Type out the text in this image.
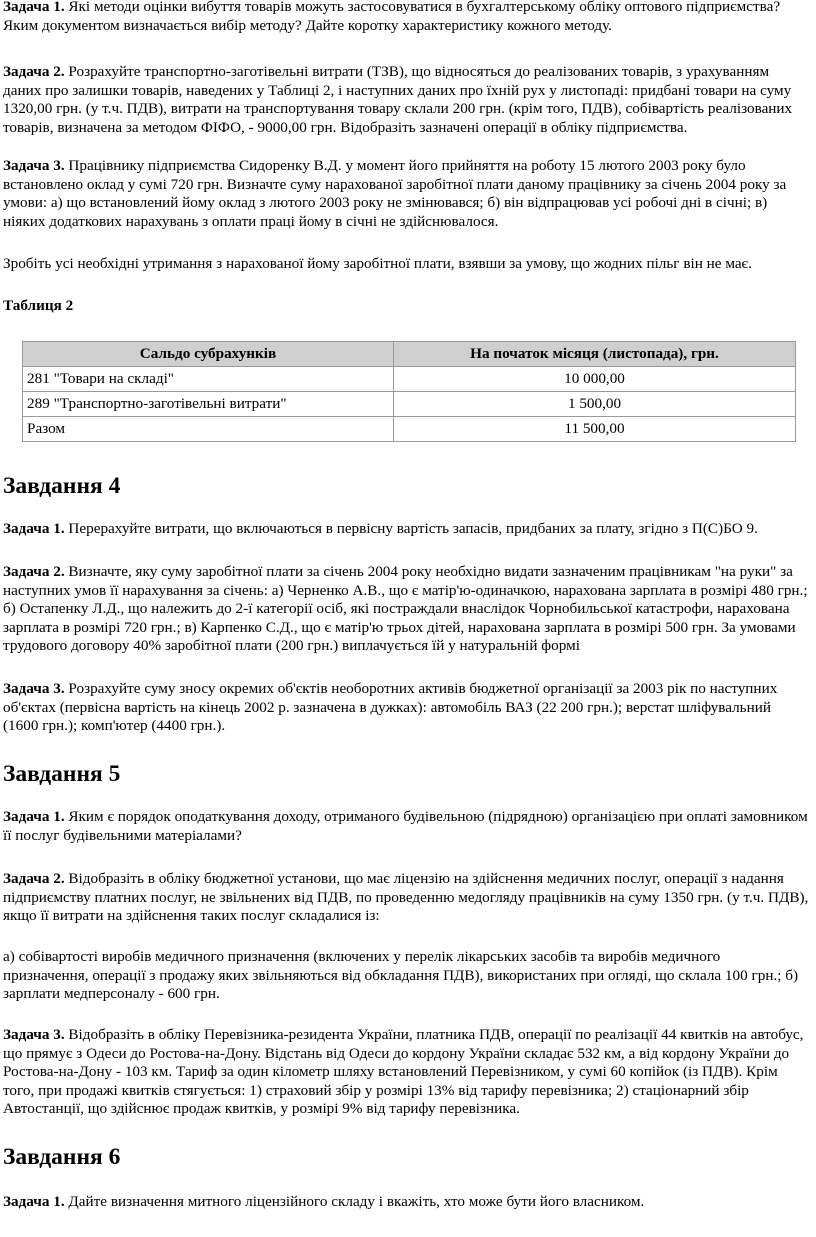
Задача 1. Які методи оцінки вибуття товарів можуть застосовуватися в бухгалтерському обліку оптового підприємства? Яким документом визначається вибір методу? Дайте коротку характеристику кожного методу.

Задача 2. Розрахуйте транспортно-заготівельні витрати (ТЗВ), що відносяться до реалізованих товарів, з урахуванням даних про залишки товарів, наведених у Таблиці 2, і наступних даних про їхній рух у листопаді: придбані товари на суму 1320,00 грн. (у т.ч. ПДВ), витрати на транспортування товару склали 200 грн. (крім того, ПДВ), собівартість реалізованих товарів, визначена за методом ФІФО, - 9000,00 грн. Відобразіть зазначені операції в обліку підприємства.

Задача 3. Працівнику підприємства Сидоренку В.Д. у момент його прийняття на роботу 15 лютого 2003 року було встановлено оклад у сумі 720 грн. Визначте суму нарахованої заробітної плати даному працівнику за січень 2004 року за умови: а) що встановлений йому оклад з лютого 2003 року не змінювався; б) він відпрацював усі робочі дні в січні; в) ніяких додаткових нарахувань з оплати праці йому в січні не здійснювалося.

Зробіть усі необхідні утримання з нарахованої йому заробітної плати, взявши за умову, що жодних пільг він не має.

Таблиця 2

Сальдо субрахунків	На початок місяця (листопада), грн.
281 "Товари на складі"	10 000,00
289 "Транспортно-заготівельні витрати"	1 500,00
Разом	11 500,00
Завдання 4

Задача 1. Перерахуйте витрати, що включаються в первісну вартість запасів, придбаних за плату, згідно з П(С)БО 9.

Задача 2. Визначте, яку суму заробітної плати за січень 2004 року необхідно видати зазначеним працівникам "на руки" за наступних умов її нарахування за січень: а) Черненко А.В., що є матір'ю-одиначкою, нарахована зарплата в розмірі 480 грн.; б) Остапенку Л.Д., що належить до 2-ї категорії осіб, які постраждали внаслідок Чорнобильської катастрофи, нарахована зарплата в розмірі 720 грн.; в) Карпенко С.Д., що є матір'ю трьох дітей, нарахована зарплата в розмірі 500 грн. За умовами трудового договору 40% заробітної плати (200 грн.) виплачується їй у натуральній формі

Задача 3. Розрахуйте суму зносу окремих об'єктів необоротних активів бюджетної організації за 2003 рік по наступних об'єктах (первісна вартість на кінець 2002 р. зазначена в дужках): автомобіль ВАЗ (22 200 грн.); верстат шліфувальний (1600 грн.); комп'ютер (4400 грн.).

Завдання 5

Задача 1. Яким є порядок оподаткування доходу, отриманого будівельною (підрядною) організацією при оплаті замовником її послуг будівельними матеріалами?

Задача 2. Відобразіть в обліку бюджетної установи, що має ліцензію на здійснення медичних послуг, операції з надання підприємству платних послуг, не звільнених від ПДВ, по проведенню медогляду працівників на суму 1350 грн. (у т.ч. ПДВ), якщо її витрати на здійснення таких послуг складалися із:

а) собівартості виробів медичного призначення (включених у перелік лікарських засобів та виробів медичного призначення, операції з продажу яких звільняються від обкладання ПДВ), використаних при огляді, що склала 100 грн.; б) зарплати медперсоналу - 600 грн.

Задача 3. Відобразіть в обліку Перевізника-резидента України, платника ПДВ, операції по реалізації 44 квитків на автобус, що прямує з Одеси до Ростова-на-Дону. Відстань від Одеси до кордону України складає 532 км, а від кордону України до Ростова-на-Дону - 103 км. Тариф за один кілометр шляху встановлений Перевізником, у сумі 60 копійок (із ПДВ). Крім того, при продажі квитків стягується: 1) страховий збір у розмірі 13% від тарифу перевізника; 2) стаціонарний збір Автостанції, що здійснює продаж квитків, у розмірі 9% від тарифу перевізника.

Завдання 6

Задача 1. Дайте визначення митного ліцензійного складу і вкажіть, хто може бути його власником.
